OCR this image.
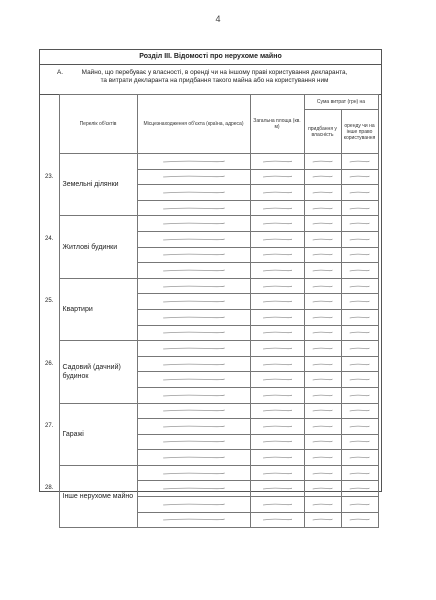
4
Розділ ІІІ. Відомості про нерухоме майно
А.	Майно, що перебуває у власності, в оренді чи на іншому праві користування декларанта,
та витрати декларанта на придбання такого майна або на користування ним
	Перелік об'єктів	Місцезнаходження об'єкта (країна, адреса)	Загальна площа (кв. м)	Сума витрат (грн) на	
				придбання у власність	оренду чи на інше право користування
23.	Земельні ділянки	

24.	Житлові будинки	

25.	Квартири	

26.	Садовий (дачний) будинок	

27.	Гаражі	

28.	Інше нерухоме майно	
